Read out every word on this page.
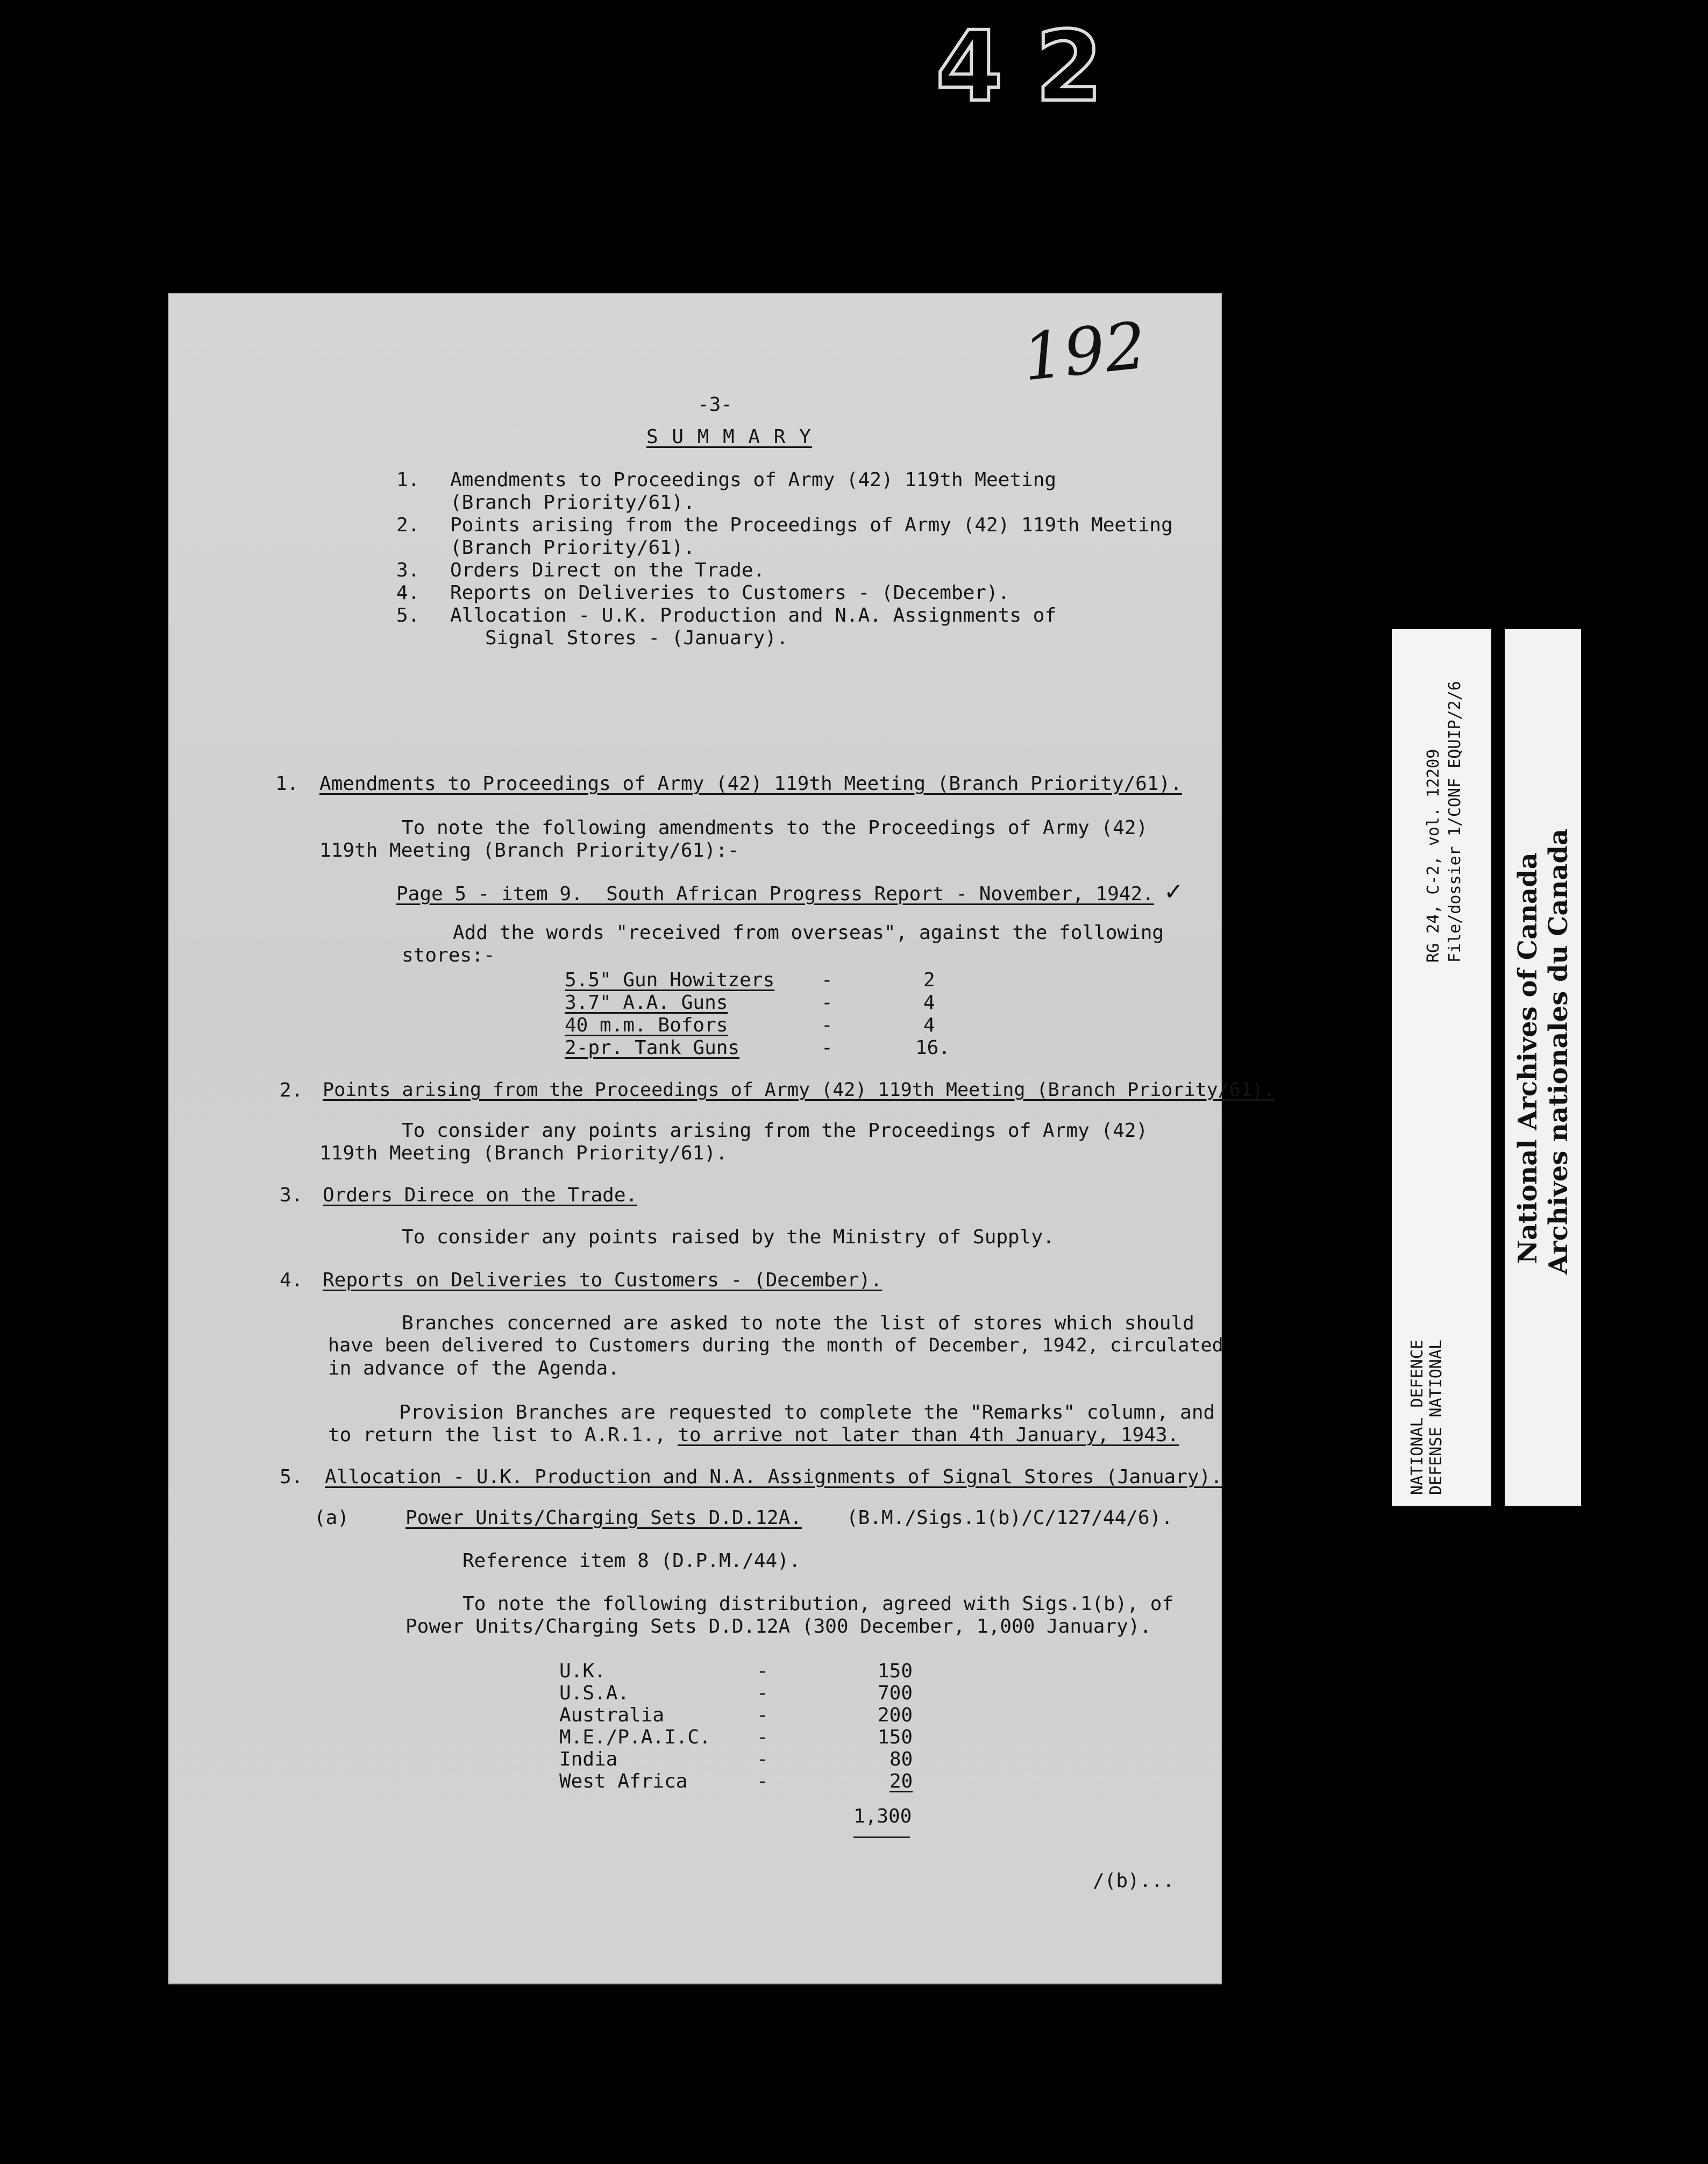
42
192
-3-
S U M M A R Y
1. Amendments to Proceedings of Army (42) 119th Meeting
(Branch Priority/61).
2. Points arising from the Proceedings of Army (42) 119th Meeting
(Branch Priority/61).
3. Orders Direct on the Trade.
4. Reports on Deliveries to Customers - (December).
5. Allocation - U.K. Production and N.A. Assignments of
Signal Stores - (January).
1. Amendments to Proceedings of Army (42) 119th Meeting (Branch Priority/61).
To note the following amendments to the Proceedings of Army (42)
119th Meeting (Branch Priority/61):-
Page 5 - item 9.  South African Progress Report - November, 1942. ✓
Add the words "received from overseas", against the following
stores:-
5.5" Gun Howitzers -	2
3.7" A.A. Guns	-	4
40 m.m. Bofors	-	4
2-pr. Tank Guns	-	16.
2. Points arising from the Proceedings of Army (42) 119th Meeting (Branch Priority/61).
To consider any points arising from the Proceedings of Army (42)
119th Meeting (Branch Priority/61).
3. Orders Direce on the Trade.
To consider any points raised by the Ministry of Supply.
4. Reports on Deliveries to Customers - (December).
Branches concerned are asked to note the list of stores which should
have been delivered to Customers during the month of December, 1942, circulated
in advance of the Agenda.
Provision Branches are requested to complete the "Remarks" column, and
to return the list to A.R.1., to arrive not later than 4th January, 1943.
5. Allocation - U.K. Production and N.A. Assignments of Signal Stores (January).
(a)	Power Units/Charging Sets D.D.12A. (B.M./Sigs.1(b)/C/127/44/6).
Reference item 8 (D.P.M./44).
To note the following distribution, agreed with Sigs.1(b), of
Power Units/Charging Sets D.D.12A (300 December, 1,000 January).
U.K.	-	150
U.S.A.	-	700
Australia	-	200
M.E./P.A.I.C. -	150
India	-	80
West Africa	-	20
1,300
/(b)...
RG 24, C-2, vol. 12209 File/dossier 1/CONF EQUIP/2/6
NATIONAL DEFENCE DEFENSE NATIONAL
National Archives of Canada Archives nationales du Canada
